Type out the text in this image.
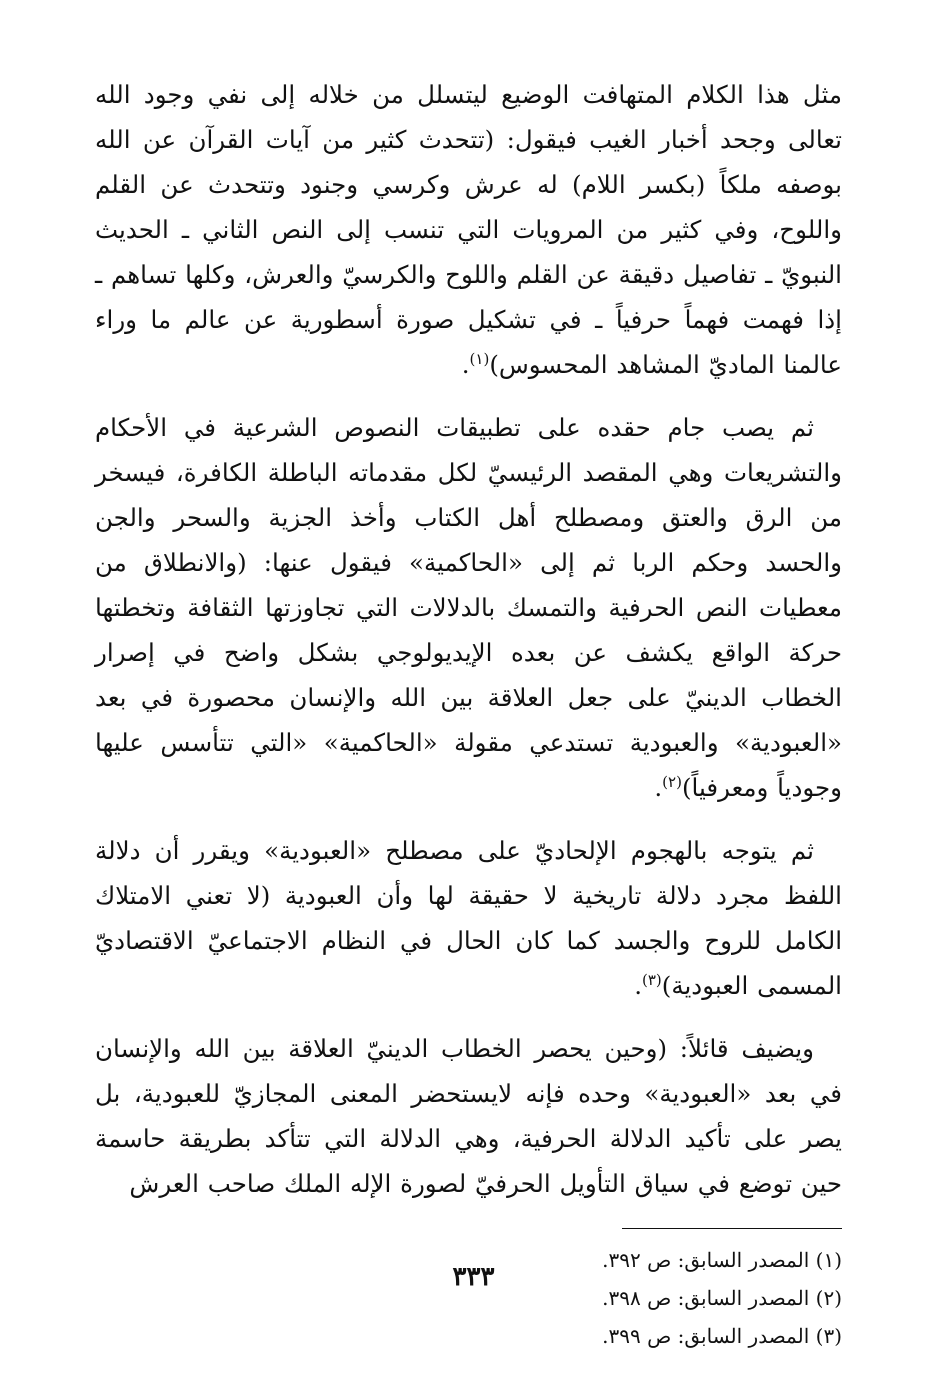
مثل هذا الكلام المتهافت الوضيع ليتسلل من خلاله إلى نفي وجود الله تعالى وجحد أخبار الغيب فيقول: (تتحدث كثير من آيات القرآن عن الله بوصفه ملكاً (بكسر اللام) له عرش وكرسي وجنود وتتحدث عن القلم واللوح، وفي كثير من المرويات التي تنسب إلى النص الثاني ـ الحديث النبويّ ـ تفاصيل دقيقة عن القلم واللوح والكرسيّ والعرش، وكلها تساهم ـ إذا فهمت فهماً حرفياً ـ في تشكيل صورة أسطورية عن عالم ما وراء عالمنا الماديّ المشاهد المحسوس)$^{(١)}$.

ثم يصب جام حقده على تطبيقات النصوص الشرعية في الأحكام والتشريعات وهي المقصد الرئيسيّ لكل مقدماته الباطلة الكافرة، فيسخر من الرق والعتق ومصطلح أهل الكتاب وأخذ الجزية والسحر والجن والحسد وحكم الربا ثم إلى «الحاكمية» فيقول عنها: (والانطلاق من معطيات النص الحرفية والتمسك بالدلالات التي تجاوزتها الثقافة وتخطتها حركة الواقع يكشف عن بعده الإيديولوجي بشكل واضح في إصرار الخطاب الدينيّ على جعل العلاقة بين الله والإنسان محصورة في بعد «العبودية» والعبودية تستدعي مقولة «الحاكمية» «التي تتأسس عليها وجودياً ومعرفياً)$^{(٢)}$.

ثم يتوجه بالهجوم الإلحاديّ على مصطلح «العبودية» ويقرر أن دلالة اللفظ مجرد دلالة تاريخية لا حقيقة لها وأن العبودية (لا تعني الامتلاك الكامل للروح والجسد كما كان الحال في النظام الاجتماعيّ الاقتصاديّ المسمى العبودية)$^{(٣)}$.

ويضيف قائلاً: (وحين يحصر الخطاب الدينيّ العلاقة بين الله والإنسان في بعد «العبودية» وحده فإنه لايستحضر المعنى المجازيّ للعبودية، بل يصر على تأكيد الدلالة الحرفية، وهي الدلالة التي تتأكد بطريقة حاسمة حين توضع في سياق التأويل الحرفيّ لصورة الإله الملك صاحب العرش

(١) المصدر السابق: ص ٣٩٢.

(٢) المصدر السابق: ص ٣٩٨.

(٣) المصدر السابق: ص ٣٩٩.

٣٣٣
